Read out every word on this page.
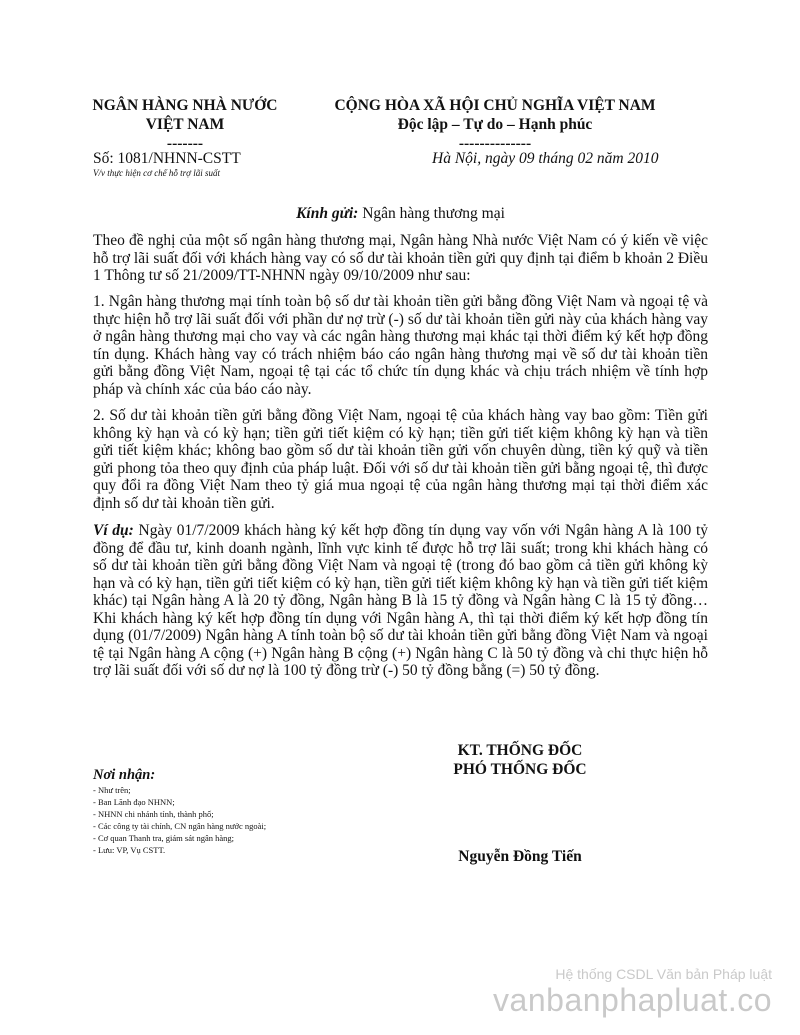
NGÂN HÀNG NHÀ NƯỚC
VIỆT NAM
-------
CỘNG HÒA XÃ HỘI CHỦ NGHĨA VIỆT NAM
Độc lập – Tự do – Hạnh phúc
--------------
Số: 1081/NHNN-CSTT
V/v thực hiện cơ chế hỗ trợ lãi suất
Hà Nội, ngày 09 tháng 02 năm 2010
Kính gửi: Ngân hàng thương mại

Theo đề nghị của một số ngân hàng thương mại, Ngân hàng Nhà nước Việt Nam có ý kiến về việc hỗ trợ lãi suất đối với khách hàng vay có số dư tài khoản tiền gửi quy định tại điểm b khoản 2 Điều 1 Thông tư số 21/2009/TT-NHNN ngày 09/10/2009 như sau:

1. Ngân hàng thương mại tính toàn bộ số dư tài khoản tiền gửi bằng đồng Việt Nam và ngoại tệ và thực hiện hỗ trợ lãi suất đối với phần dư nợ trừ (-) số dư tài khoản tiền gửi này của khách hàng vay ở ngân hàng thương mại cho vay và các ngân hàng thương mại khác tại thời điểm ký kết hợp đồng tín dụng. Khách hàng vay có trách nhiệm báo cáo ngân hàng thương mại về số dư tài khoản tiền gửi bằng đồng Việt Nam, ngoại tệ tại các tổ chức tín dụng khác và chịu trách nhiệm về tính hợp pháp và chính xác của báo cáo này.

2. Số dư tài khoản tiền gửi bằng đồng Việt Nam, ngoại tệ của khách hàng vay bao gồm: Tiền gửi không kỳ hạn và có kỳ hạn; tiền gửi tiết kiệm có kỳ hạn; tiền gửi tiết kiệm không kỳ hạn và tiền gửi tiết kiệm khác; không bao gồm số dư tài khoản tiền gửi vốn chuyên dùng, tiền ký quỹ và tiền gửi phong tỏa theo quy định của pháp luật. Đối với số dư tài khoản tiền gửi bằng ngoại tệ, thì được quy đổi ra đồng Việt Nam theo tỷ giá mua ngoại tệ của ngân hàng thương mại tại thời điểm xác định số dư tài khoản tiền gửi.

Ví dụ: Ngày 01/7/2009 khách hàng ký kết hợp đồng tín dụng vay vốn với Ngân hàng A là 100 tỷ đồng để đầu tư, kinh doanh ngành, lĩnh vực kinh tế được hỗ trợ lãi suất; trong khi khách hàng có số dư tài khoản tiền gửi bằng đồng Việt Nam và ngoại tệ (trong đó bao gồm cả tiền gửi không kỳ hạn và có kỳ hạn, tiền gửi tiết kiệm có kỳ hạn, tiền gửi tiết kiệm không kỳ hạn và tiền gửi tiết kiệm khác) tại Ngân hàng A là 20 tỷ đồng, Ngân hàng B là 15 tỷ đồng và Ngân hàng C là 15 tỷ đồng… Khi khách hàng ký kết hợp đồng tín dụng với Ngân hàng A, thì tại thời điểm ký kết hợp đồng tín dụng (01/7/2009) Ngân hàng A tính toàn bộ số dư tài khoản tiền gửi bằng đồng Việt Nam và ngoại tệ tại Ngân hàng A cộng (+) Ngân hàng B cộng (+) Ngân hàng C là 50 tỷ đồng và chi thực hiện hỗ trợ lãi suất đối với số dư nợ là 100 tỷ đồng trừ (-) 50 tỷ đồng bằng (=) 50 tỷ đồng.

KT. THỐNG ĐỐC
PHÓ THỐNG ĐỐC
Nguyễn Đồng Tiến
Nơi nhận:
- Như trên;
- Ban Lãnh đạo NHNN;
- NHNN chi nhánh tỉnh, thành phố;
- Các công ty tài chính, CN ngân hàng nước ngoài;
- Cơ quan Thanh tra, giám sát ngân hàng;
- Lưu: VP, Vụ CSTT.
Hệ thống CSDL Văn bản Pháp luật
vanbanphapluat.co
